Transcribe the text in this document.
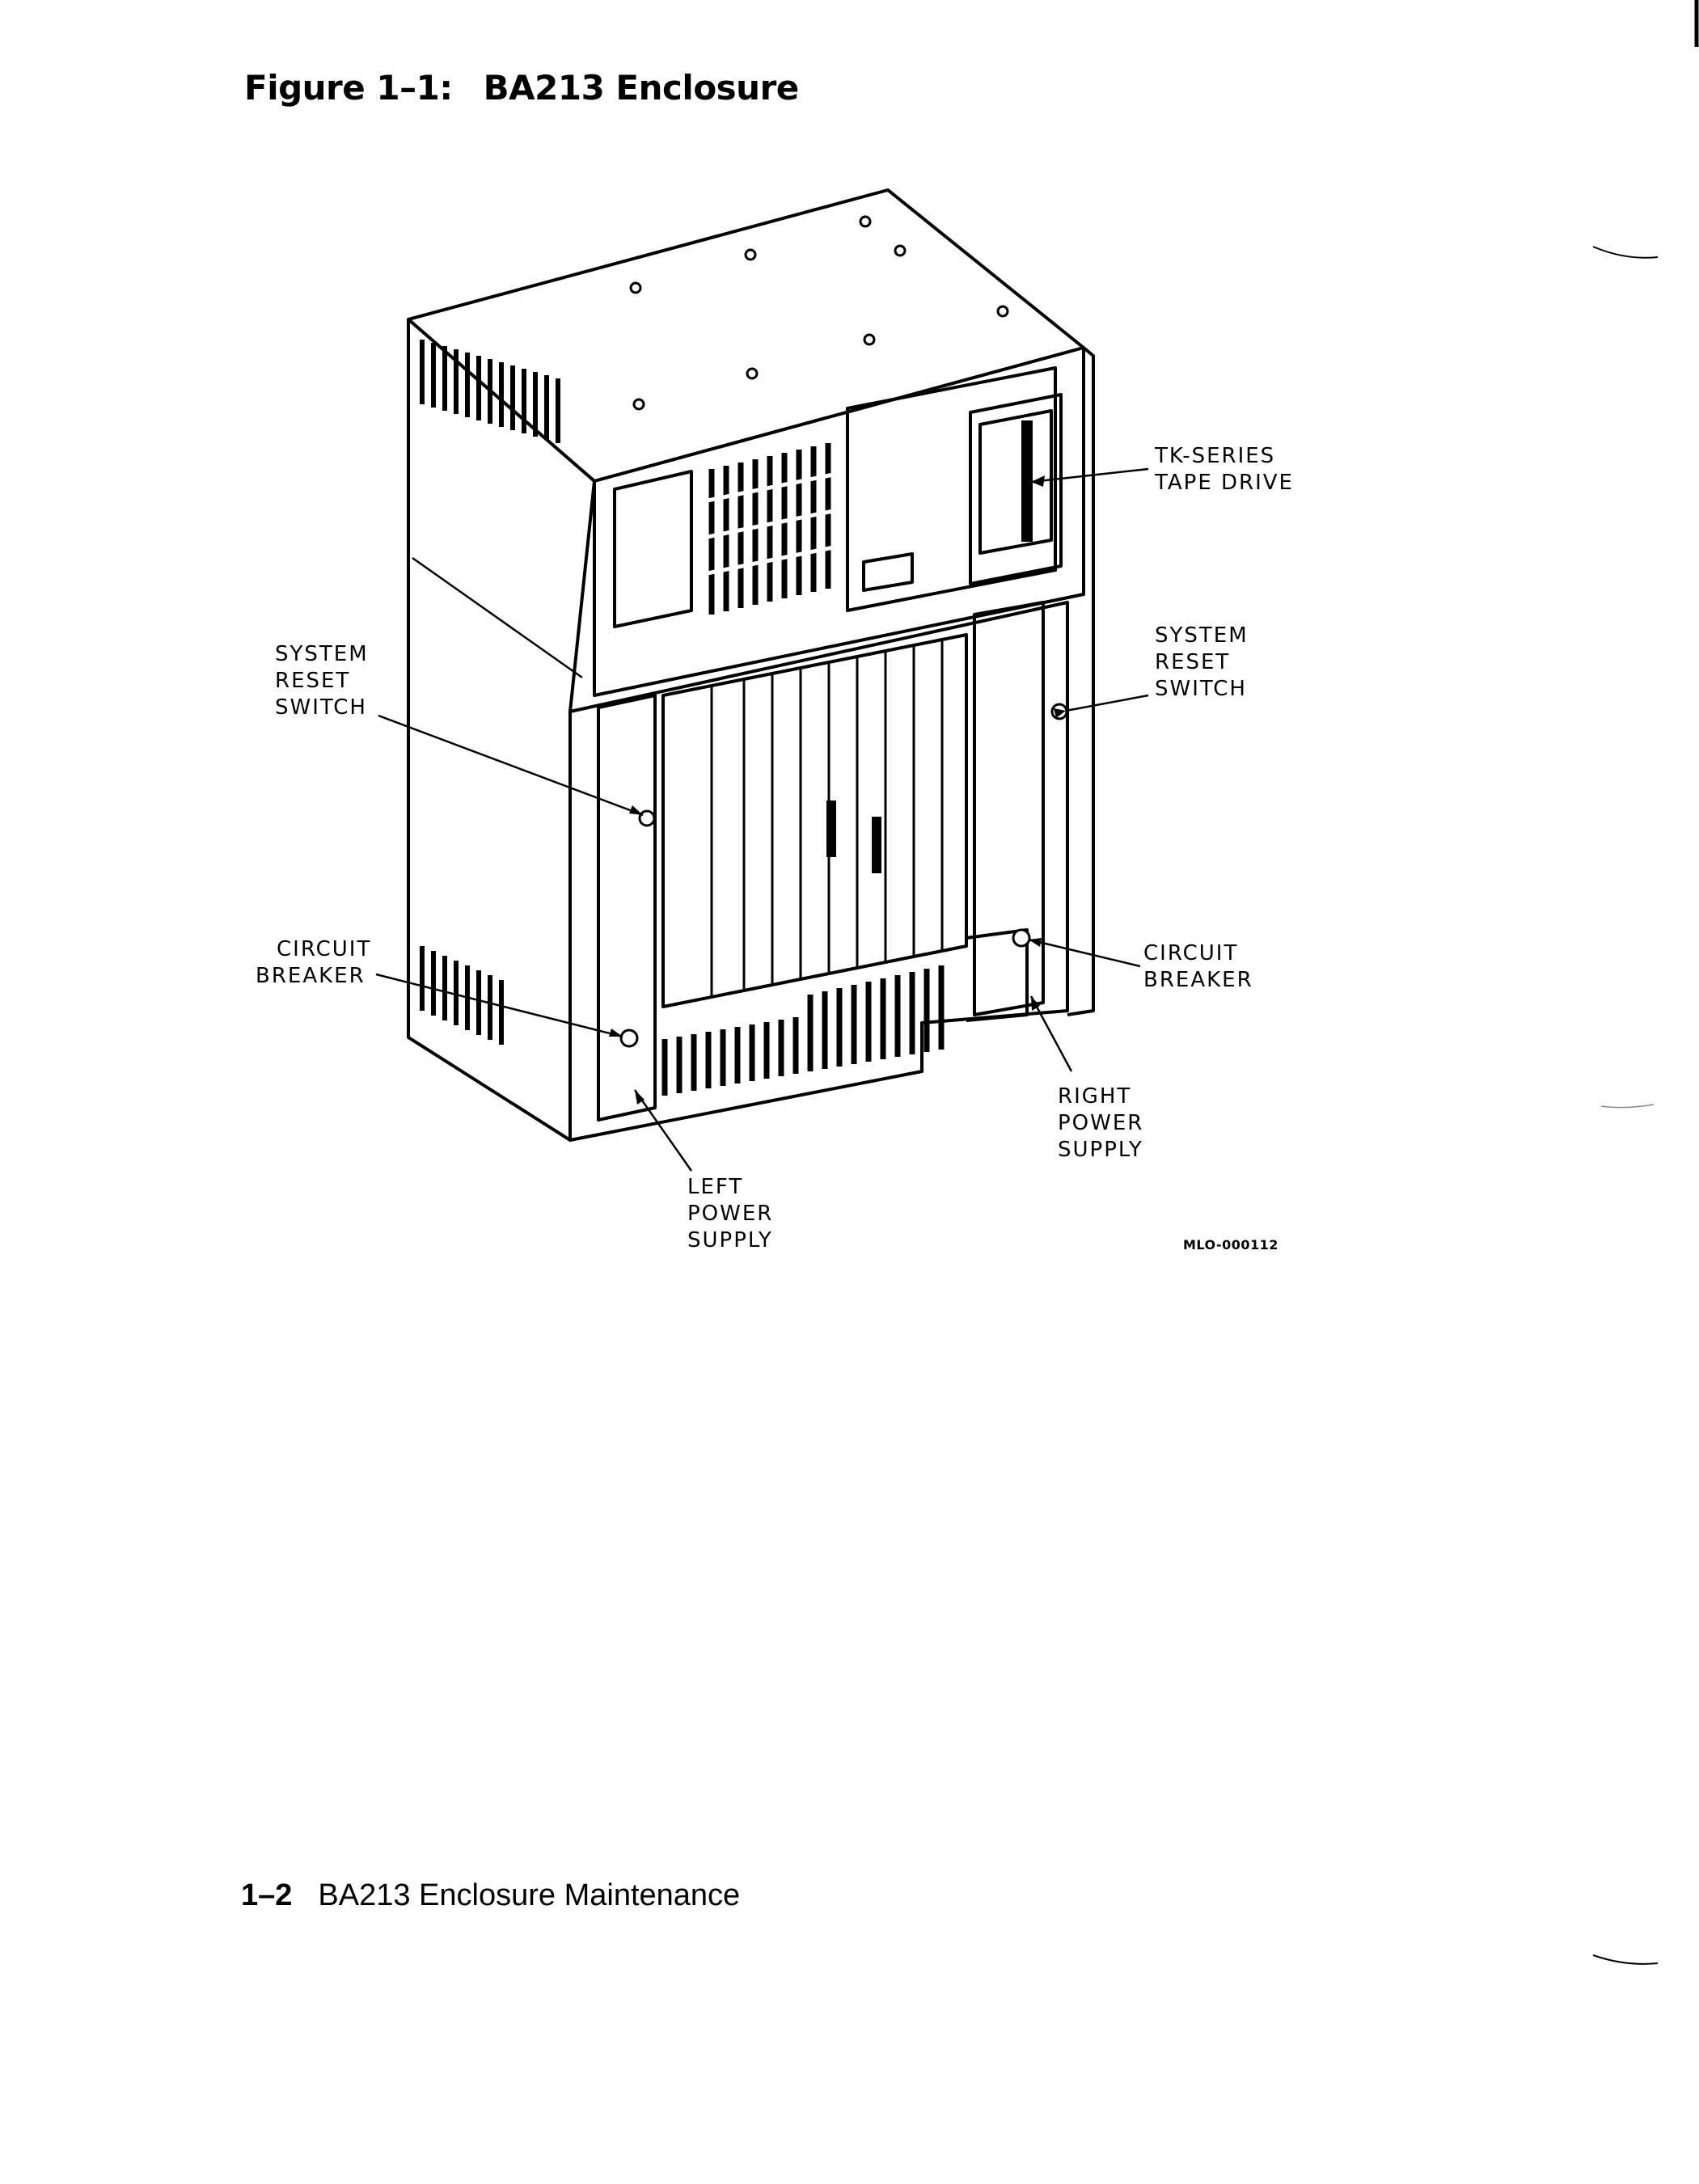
Figure 1–1: BA213 Enclosure
TK-SERIES
TAPE DRIVE
SYSTEM
RESET
SWITCH
SYSTEM
RESET
SWITCH
CIRCUIT
BREAKER
CIRCUIT
BREAKER
RIGHT
POWER
SUPPLY
LEFT
POWER
SUPPLY	MLO-000112
1–2 BA213 Enclosure Maintenance
